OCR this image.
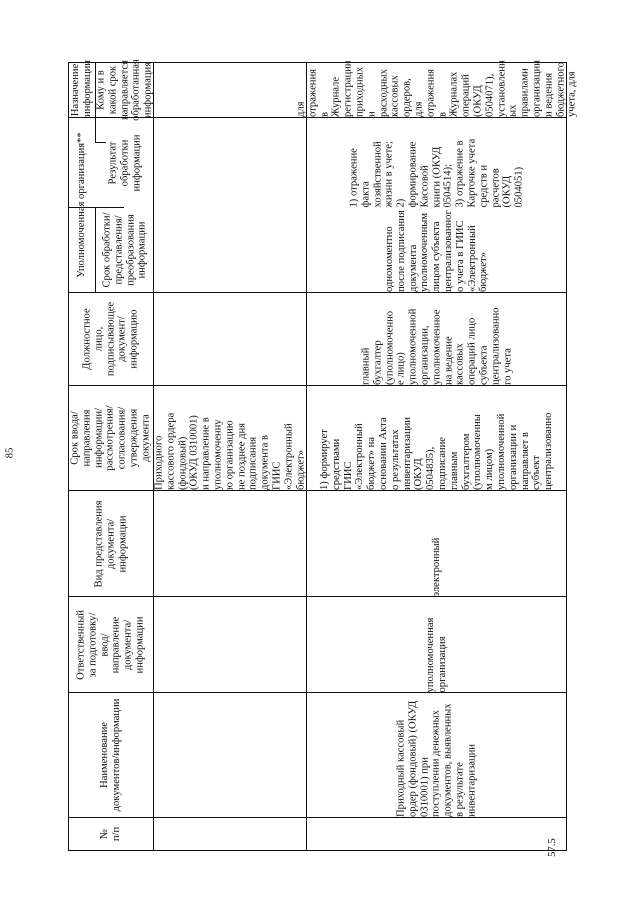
85
№
п/п
Наименование
документов/информации
Ответственный
за подготовку/
ввод/
направление
документа/
информации
Вид представления
документа/
информации
Срок ввода/
направления
информации/
рассмотрения/
согласования/
утверждения
документа
Должностное
лицо,
подписывающее
документ/
информацию
Уполномоченная организация** Срок обработки/
представления/
преобразования
информации
Результат
обработки
информации
Назначение
информации Кому и в
какой срок
направляется
обработанная
информация
Приходного
кассового ордера
(фондовый)
(ОКУД 0310001)
и направление в
уполномоченну
ю организацию
не позднее дня
подписания
документа в
ГИИС
«Электронный
бюджет»
57.5
Приходный кассовый
ордер (фондовый) (ОКУД
0310001) при
поступлении денежных
документов, выявленных
в результате
инвентаризации
уполномоченная
организация
электронный
1) формирует
средствами
ГИИС
«Электронный
бюджет» на
основании Акта
о результатах
инвентаризации
(ОКУД
0504835),
подписание
главным
бухгалтером
(уполномоченны
м лицом)
уполномоченной
организации и
направляет в
субъект
централизованно
главный
бухгалтер
(уполномоченно
е лицо)
уполномоченной
организации,
уполномоченное
на ведение
кассовых
операций лицо
субъекта
централизованно
го учета
одномоментно
после подписания
документа
уполномоченным
лицом субъекта
централизованног
о учета в ГИИС
«Электронный
бюджет»
1) отражение
факта
хозяйственной
жизни в учете;
2)
формирование
Кассовой
книги (ОКУД
0504514);
3) отражение в
Карточке учета
средств и
расчетов
(ОКУД
0504051)
для
отражения в
Журнале
регистрации
приходных и
расходных
кассовых
ордеров, для
отражения в
Журналах
операций
(ОКУД
0504071),
установленн
ых
правилами
организации
и ведения
бюджетного
учета, для
